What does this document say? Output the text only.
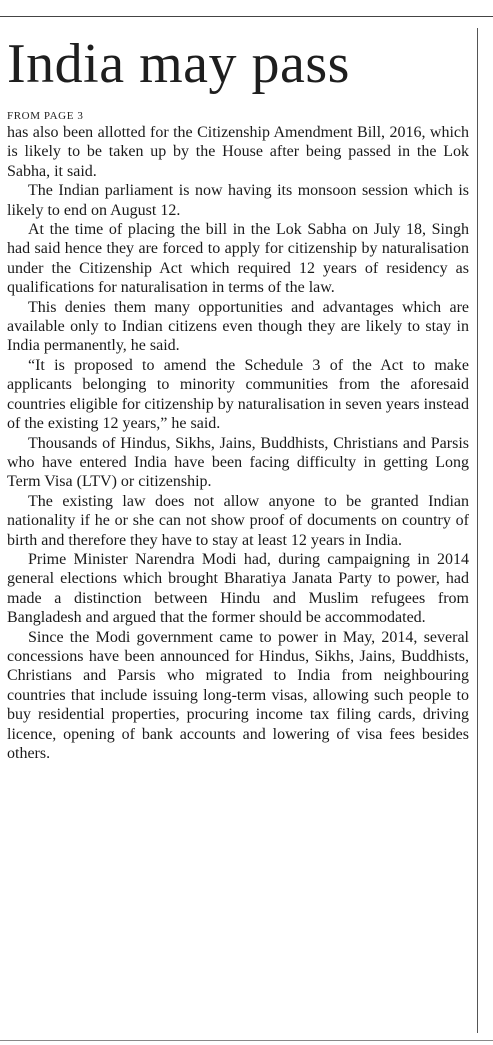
India may pass
FROM PAGE 3

has also been allotted for the Citizenship Amendment Bill, 2016, which is likely to be taken up by the House after being passed in the Lok Sabha, it said.

The Indian parliament is now having its monsoon session which is likely to end on August 12.

At the time of placing the bill in the Lok Sabha on July 18, Singh had said hence they are forced to apply for citizenship by naturalisation under the Citizenship Act which required 12 years of residency as qualifications for naturalisation in terms of the law.

This denies them many opportunities and advantages which are available only to Indian citizens even though they are likely to stay in India permanently, he said.

“It is proposed to amend the Schedule 3 of the Act to make applicants belonging to minority communities from the aforesaid countries eligible for citizenship by naturalisation in seven years instead of the existing 12 years,” he said.

Thousands of Hindus, Sikhs, Jains, Buddhists, Christians and Parsis who have entered India have been facing difficulty in getting Long Term Visa (LTV) or citizenship.

The existing law does not allow anyone to be granted Indian nationality if he or she can not show proof of documents on country of birth and therefore they have to stay at least 12 years in India.

Prime Minister Narendra Modi had, during campaigning in 2014 general elections which brought Bharatiya Janata Party to power, had made a distinction between Hindu and Muslim refugees from Bangladesh and argued that the former should be accommodated.

Since the Modi government came to power in May, 2014, several concessions have been announced for Hindus, Sikhs, Jains, Buddhists, Christians and Parsis who migrated to India from neighbouring countries that include issuing long-term visas, allowing such people to buy residential properties, procuring income tax filing cards, driving licence, opening of bank accounts and lowering of visa fees besides others.
